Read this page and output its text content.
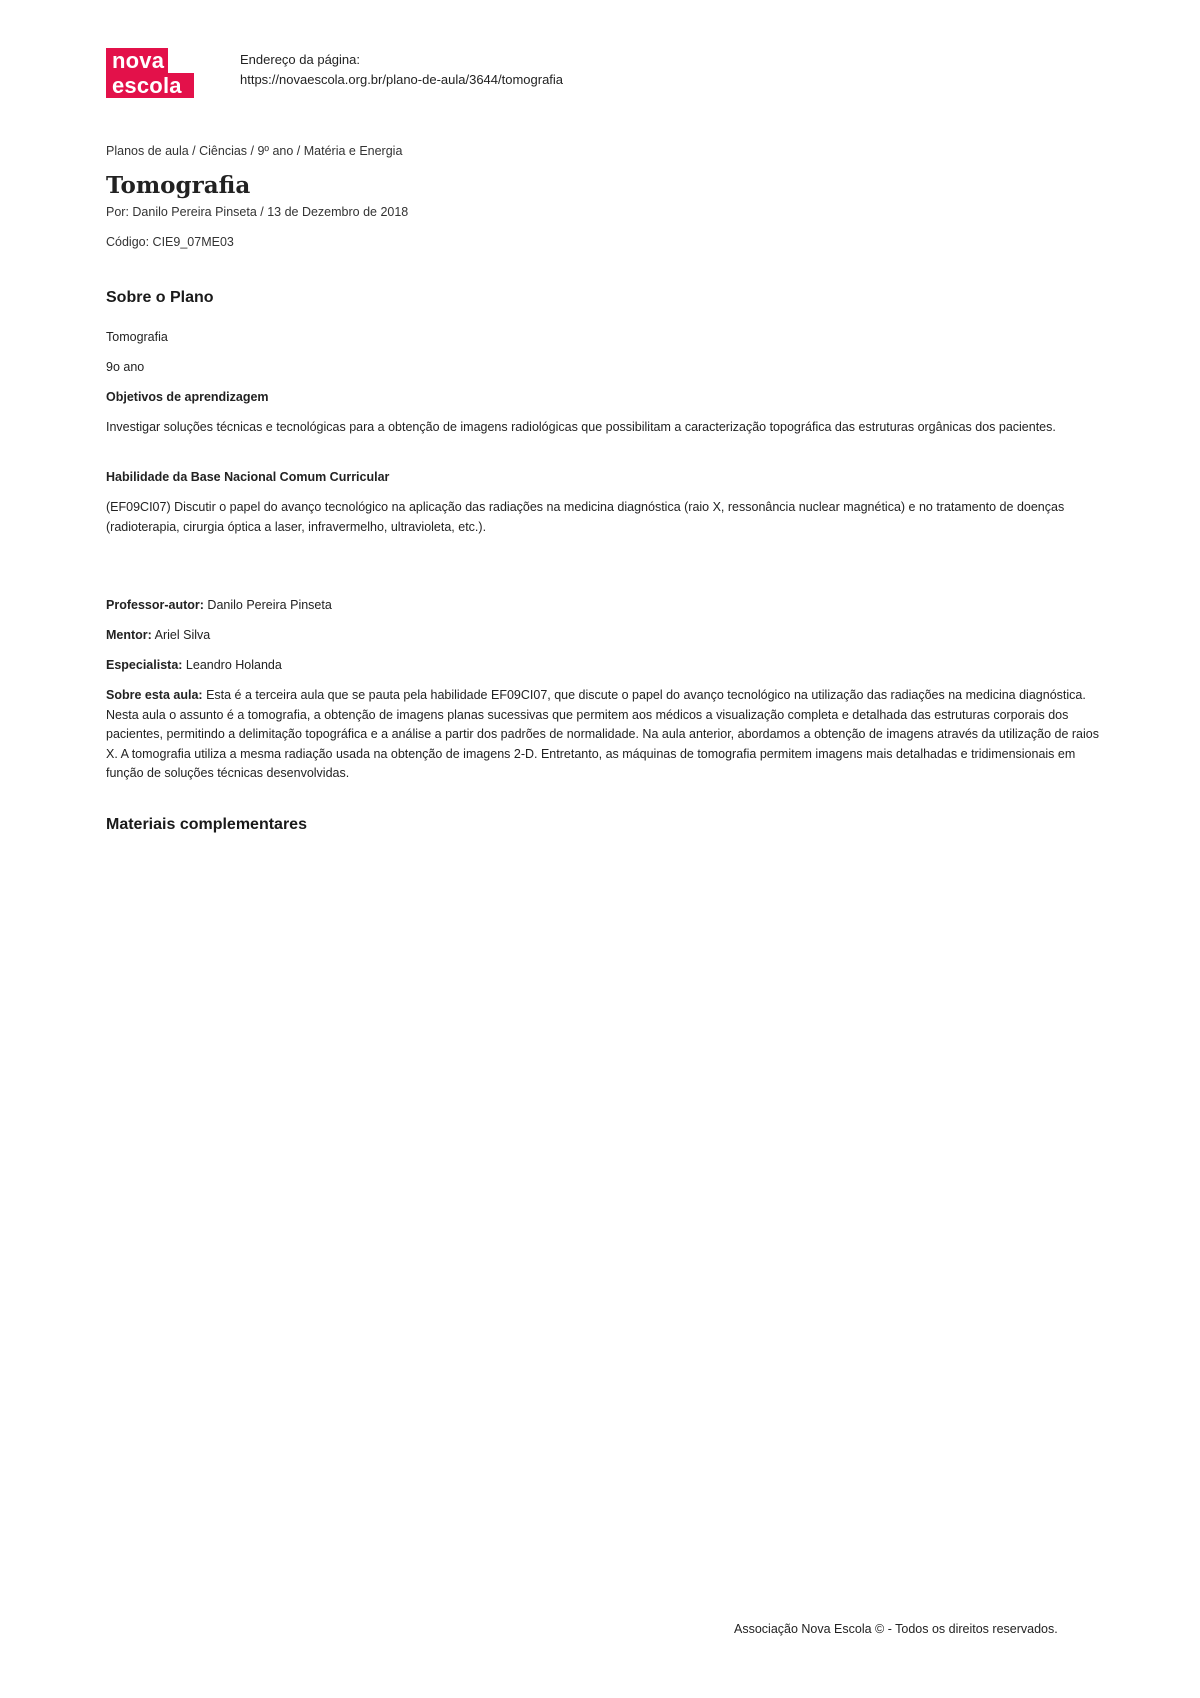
nova
escola
Endereço da página:
https://novaescola.org.br/plano-de-aula/3644/tomografia
Planos de aula / Ciências / 9º ano / Matéria e Energia
Tomografia
Por: Danilo Pereira Pinseta / 13 de Dezembro de 2018
Código: CIE9_07ME03
Sobre o Plano

Tomografia

9o ano

Objetivos de aprendizagem

Investigar soluções técnicas e tecnológicas para a obtenção de imagens radiológicas que possibilitam a caracterização topográfica das estruturas orgânicas dos pacientes.

Habilidade da Base Nacional Comum Curricular

(EF09CI07) Discutir o papel do avanço tecnológico na aplicação das radiações na medicina diagnóstica (raio X, ressonância nuclear magnética) e no tratamento de doenças (radioterapia, cirurgia óptica a laser, infravermelho, ultravioleta, etc.).

Professor-autor: Danilo Pereira Pinseta

Mentor: Ariel Silva

Especialista: Leandro Holanda

Sobre esta aula: Esta é a terceira aula que se pauta pela habilidade EF09CI07, que discute o papel do avanço tecnológico na utilização das radiações na medicina diagnóstica. Nesta aula o assunto é a tomografia, a obtenção de imagens planas sucessivas que permitem aos médicos a visualização completa e detalhada das estruturas corporais dos pacientes, permitindo a delimitação topográfica e a análise a partir dos padrões de normalidade. Na aula anterior, abordamos a obtenção de imagens através da utilização de raios X. A tomografia utiliza a mesma radiação usada na obtenção de imagens 2-D. Entretanto, as máquinas de tomografia permitem imagens mais detalhadas e tridimensionais em função de soluções técnicas desenvolvidas.

Materiais complementares
Associação Nova Escola © - Todos os direitos reservados.
